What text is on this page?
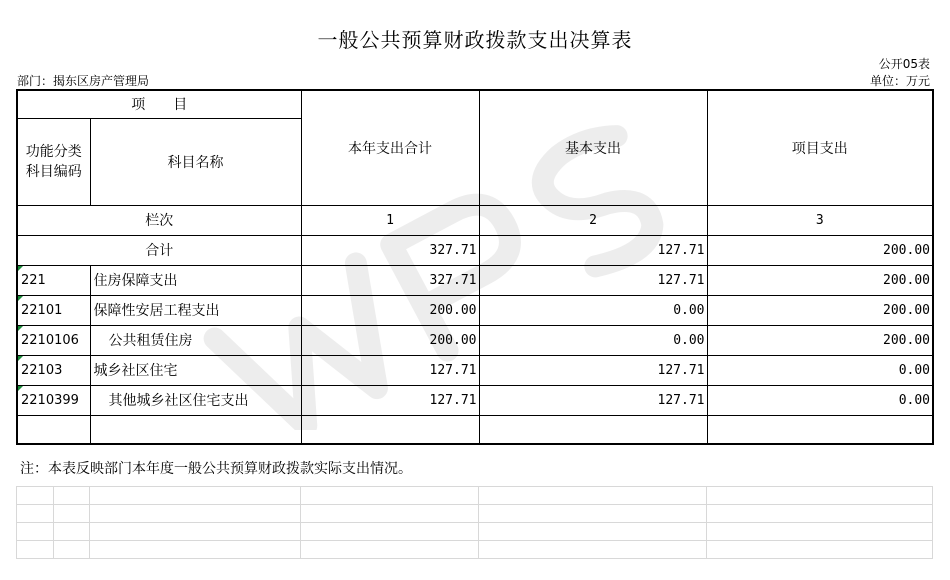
一般公共预算财政拨款支出决算表
公开05表
部门：揭东区房产管理局	单位：万元
项　　目		本年支出合计	基本支出	项目支出
功能分类科目编码	科目名称			
栏次		1	2	3
合计		327.71	127.71	200.00
221	住房保障支出	327.71	127.71	200.00
22101	保障性安居工程支出	200.00	0.00	200.00
2210106	公共租赁住房	200.00	0.00	200.00
22103	城乡社区住宅	127.71	127.71	0.00
2210399	其他城乡社区住宅支出	127.71	127.71	0.00

注：本表反映部门本年度一般公共预算财政拨款实际支出情况。
